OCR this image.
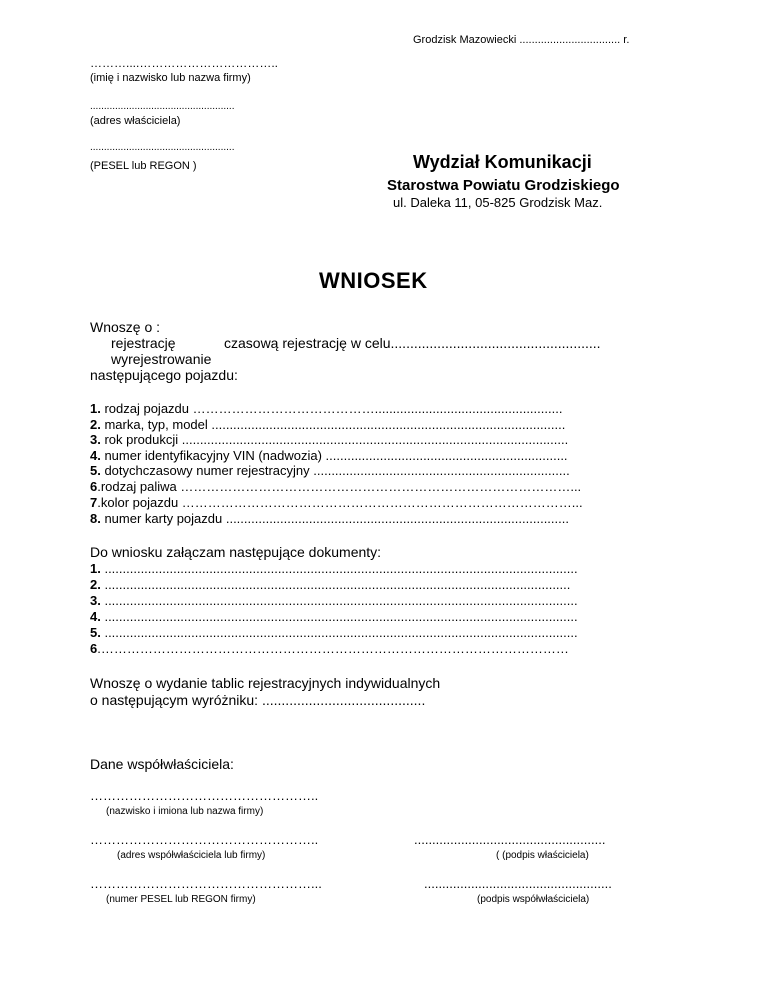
Grodzisk Mazowiecki ................................. r.
………....……………………………..
(imię i nazwisko lub nazwa firmy)
....................................................
(adres właściciela)
....................................................
(PESEL lub REGON )	Wydział Komunikacji
Starostwa Powiatu Grodziskiego
ul. Daleka 11, 05-825 Grodzisk Maz.
WNIOSEK
Wnoszę o :
rejestrację	czasową rejestrację w celu......................................................
wyrejestrowanie
następującego pojazdu:
1. rodzaj pojazdu ……………………………………....................................................
2. marka, typ, model ..................................................................................................
3. rok produkcji ...........................................................................................................
4. numer identyfikacyjny VIN (nadwozia) ...................................................................
5. dotychczasowy numer rejestracyjny .......................................................................
6.rodzaj paliwa ………………………………………………………………………………...
7.kolor pojazdu ………………………………………………………………………………...
8. numer karty pojazdu ...............................................................................................
Do wniosku załączam następujące dokumenty:
1. ...................................................................................................................................
2. .................................................................................................................................
3. ...................................................................................................................................
4. ...................................................................................................................................
5. ...................................................................................................................................
6.………………………………………………………………………………………………
Wnoszę o wydanie tablic rejestracyjnych indywidualnych
o następującym wyróżniku: ..........................................
Dane współwłaściciela:
……………………………………………..
(nazwisko i imiona lub nazwa firmy)
……………………………………………..
(adres współwłaściciela lub firmy)
.....................................................
( (podpis właściciela)
……………………………………………...
(numer PESEL lub REGON firmy)
....................................................
(podpis współwłaściciela)
